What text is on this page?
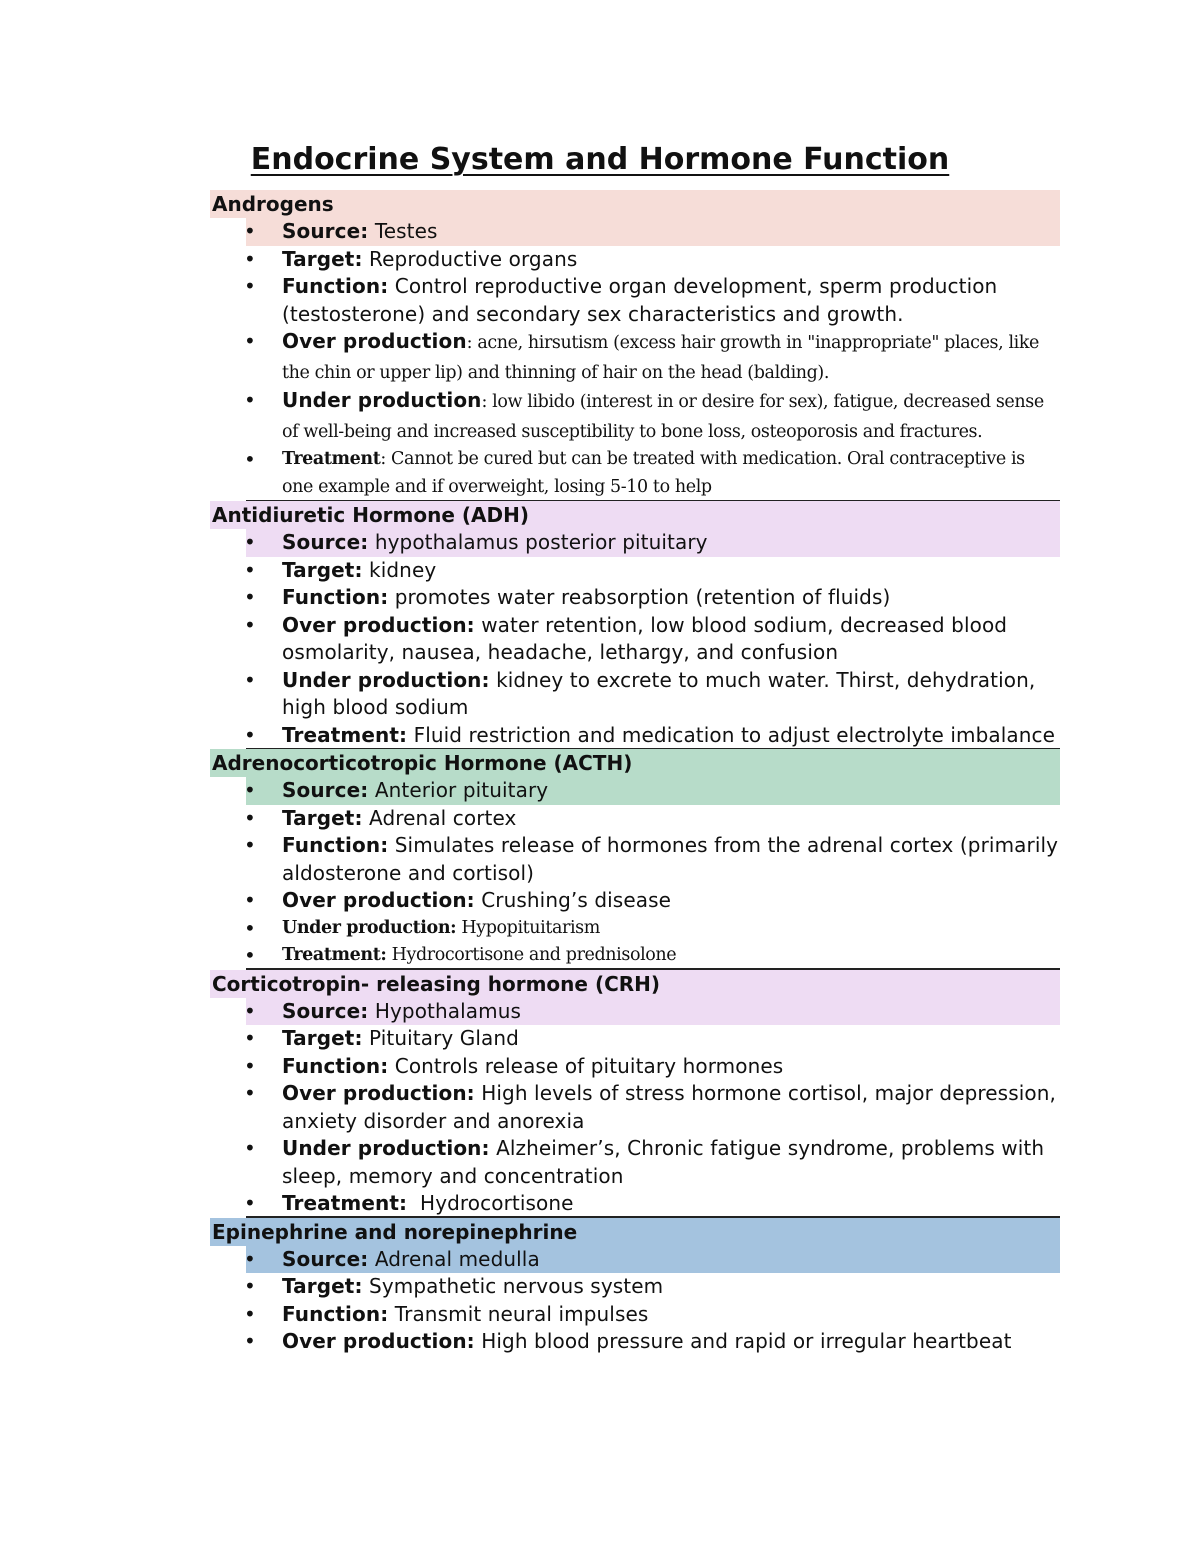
Endocrine System and Hormone Function
Androgens
• Source: Testes
• Target: Reproductive organs
• Function: Control reproductive organ development, sperm production (testosterone) and secondary sex characteristics and growth.
• Over production: acne, hirsutism (excess hair growth in "inappropriate" places, like the chin or upper lip) and thinning of hair on the head (balding).
• Under production: low libido (interest in or desire for sex), fatigue, decreased sense of well-being and increased susceptibility to bone loss, osteoporosis and fractures.
• Treatment: Cannot be cured but can be treated with medication. Oral contraceptive is one example and if overweight, losing 5-10 to help
Antidiuretic Hormone (ADH)
• Source: hypothalamus posterior pituitary
• Target: kidney
• Function: promotes water reabsorption (retention of fluids)
• Over production: water retention, low blood sodium, decreased blood osmolarity, nausea, headache, lethargy, and confusion
• Under production: kidney to excrete to much water. Thirst, dehydration, high blood sodium
• Treatment: Fluid restriction and medication to adjust electrolyte imbalance
Adrenocorticotropic Hormone (ACTH)
• Source: Anterior pituitary
• Target: Adrenal cortex
• Function: Simulates release of hormones from the adrenal cortex (primarily aldosterone and cortisol)
• Over production: Crushing’s disease
• Under production: Hypopituitarism
• Treatment: Hydrocortisone and prednisolone
Corticotropin- releasing hormone (CRH)
• Source: Hypothalamus
• Target: Pituitary Gland
• Function: Controls release of pituitary hormones
• Over production: High levels of stress hormone cortisol, major depression, anxiety disorder and anorexia
• Under production: Alzheimer’s, Chronic fatigue syndrome, problems with sleep, memory and concentration
• Treatment:  Hydrocortisone
Epinephrine and norepinephrine
• Source: Adrenal medulla
• Target: Sympathetic nervous system
• Function: Transmit neural impulses
• Over production: High blood pressure and rapid or irregular heartbeat
